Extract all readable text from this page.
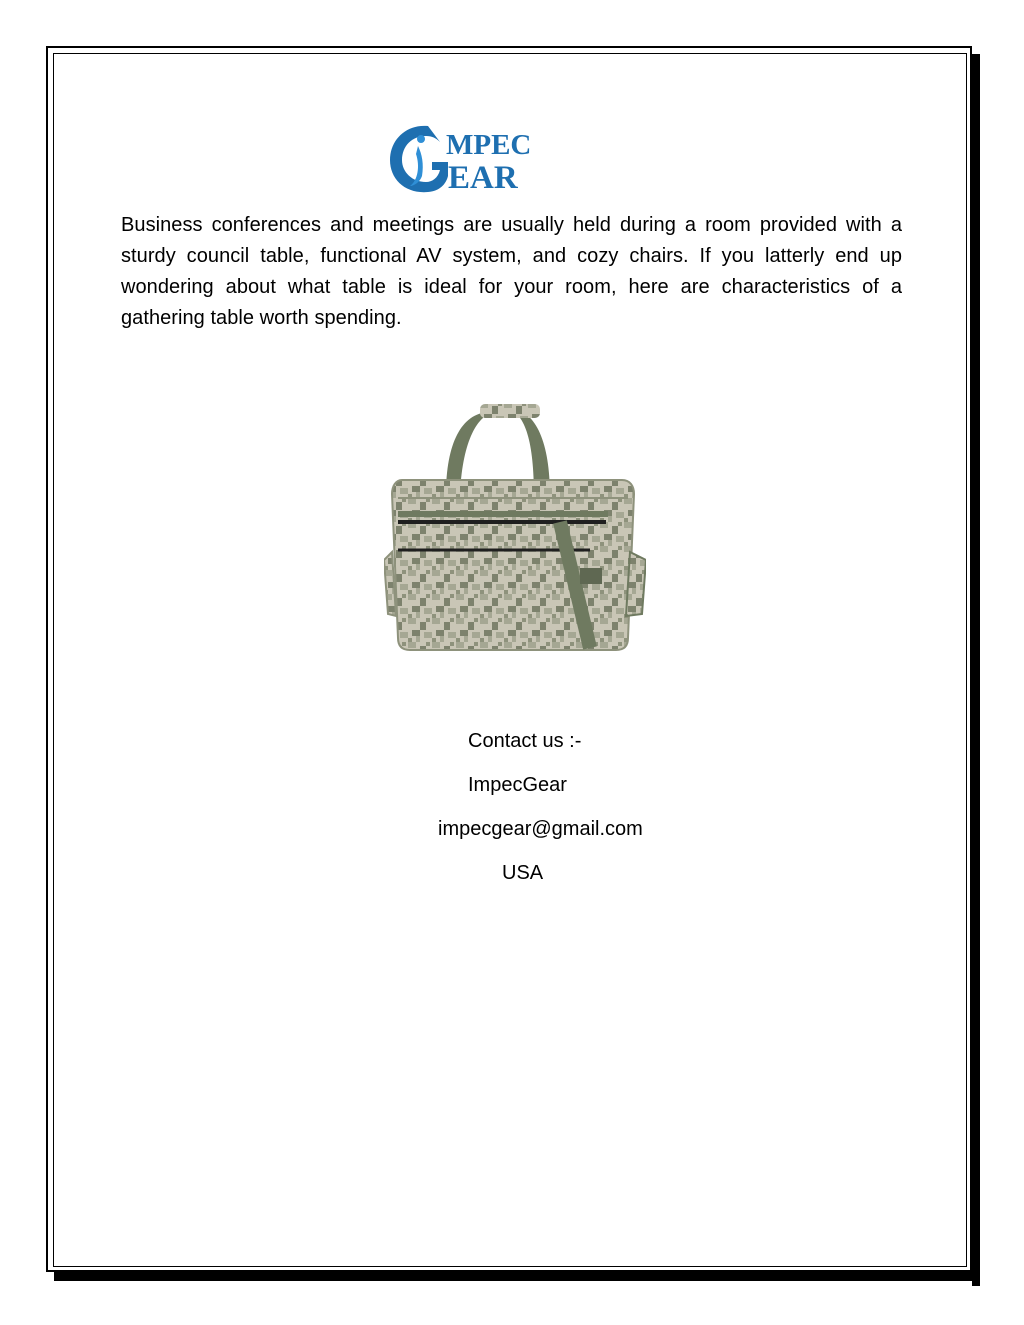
MPEC
EAR

Business conferences and meetings are usually held during a room provided with a sturdy council table, functional AV system, and cozy chairs. If you latterly end up wondering about what table is ideal for your room, here are characteristics of a gathering table worth spending.

Contact us :-

ImpecGear

impecgear@gmail.com

USA
